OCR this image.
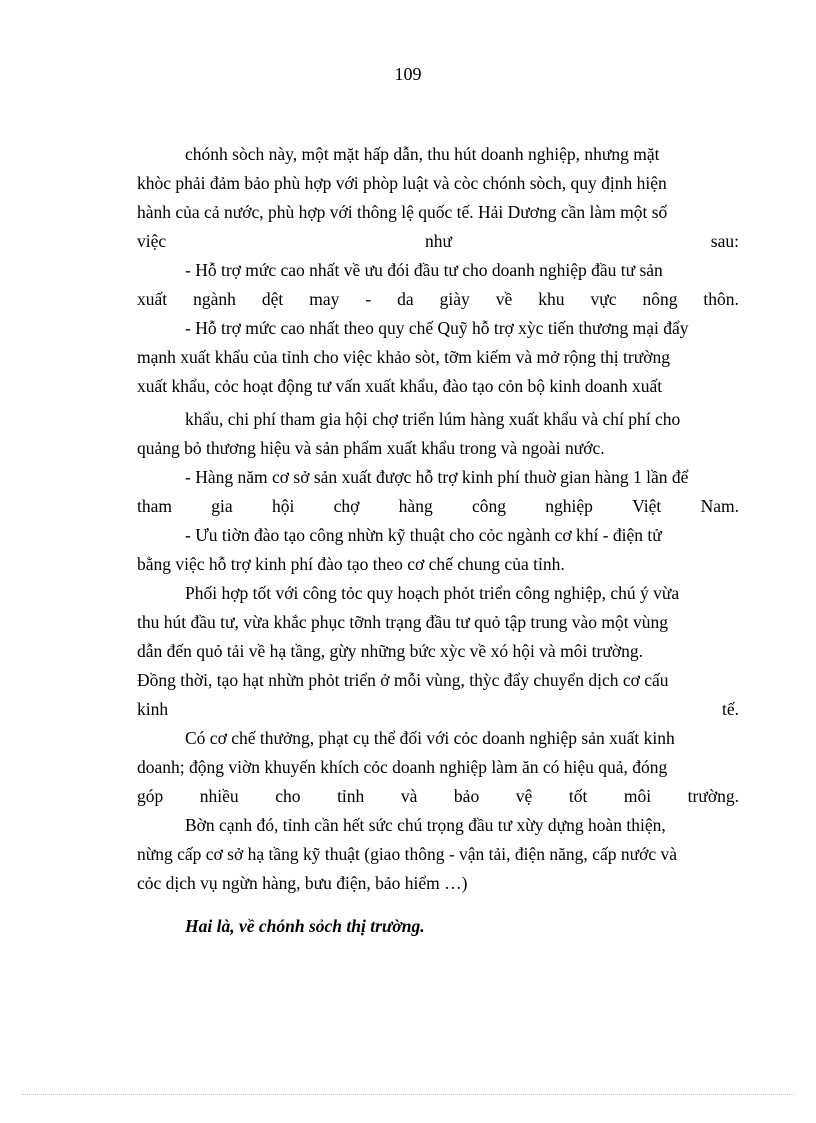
109
chónh sòch này, một mặt hấp dẫn, thu hút doanh nghiệp, nhưng mặt
khòc phải đảm bảo phù hợp với phòp luật và còc chónh sòch, quy định hiện
hành của cả nước, phù hợp với thông lệ quốc tế. Hải Dương cần làm một số
việc	như	sau:
- Hỗ trợ mức cao nhất về ưu đói đầu tư cho doanh nghiệp đầu tư sản
xuất ngành dệt may - da giày về khu vực nông thôn.
- Hỗ trợ mức cao nhất theo quy chế Quỹ hỗ trợ xỳc tiến thương mại đẩy
mạnh xuất khẩu của tỉnh cho việc khảo sòt, tỡm kiếm và mở rộng thị trường
xuất khẩu, cỏc hoạt động tư vấn xuất khẩu, đào tạo cỏn bộ kinh doanh xuất
khẩu, chi phí tham gia hội chợ triển lúm hàng xuất khẩu và chí phí cho
quảng bỏ thương hiệu và sản phẩm xuất khẩu trong và ngoài nước.
- Hàng năm cơ sở sản xuất được hỗ trợ kinh phí thuờ gian hàng 1 lần để
tham gia hội chợ hàng công nghiệp Việt Nam.
- Ưu tiờn đào tạo công nhừn kỹ thuật cho cỏc ngành cơ khí - điện tử
bằng việc hỗ trợ kinh phí đào tạo theo cơ chế chung của tỉnh.
Phối hợp tốt với công tỏc quy hoạch phỏt triển công nghiệp, chú ý vừa
thu hút đầu tư, vừa khắc phục tỡnh trạng đầu tư quỏ tập trung vào một vùng
dẫn đến quỏ tải về hạ tầng, gừy những bức xỳc về xó hội và môi trường.
Đồng thời, tạo hạt nhừn phỏt triển ở mỗi vùng, thỳc đẩy chuyển dịch cơ cấu
kinh	tế.
Có cơ chế thưởng, phạt cụ thể đối với cỏc doanh nghiệp sản xuất kinh
doanh; động viờn khuyến khích cỏc doanh nghiệp làm ăn có hiệu quả, đóng
góp nhiều cho tỉnh và bảo vệ tốt môi trường.
Bờn cạnh đó, tỉnh cần hết sức chú trọng đầu tư xừy dựng hoàn thiện,
nừng cấp cơ sở hạ tầng kỹ thuật (giao thông - vận tải, điện năng, cấp nước và
cỏc dịch vụ ngừn hàng, bưu điện, bảo hiểm …)
Hai là, về chónh sỏch thị trường.
